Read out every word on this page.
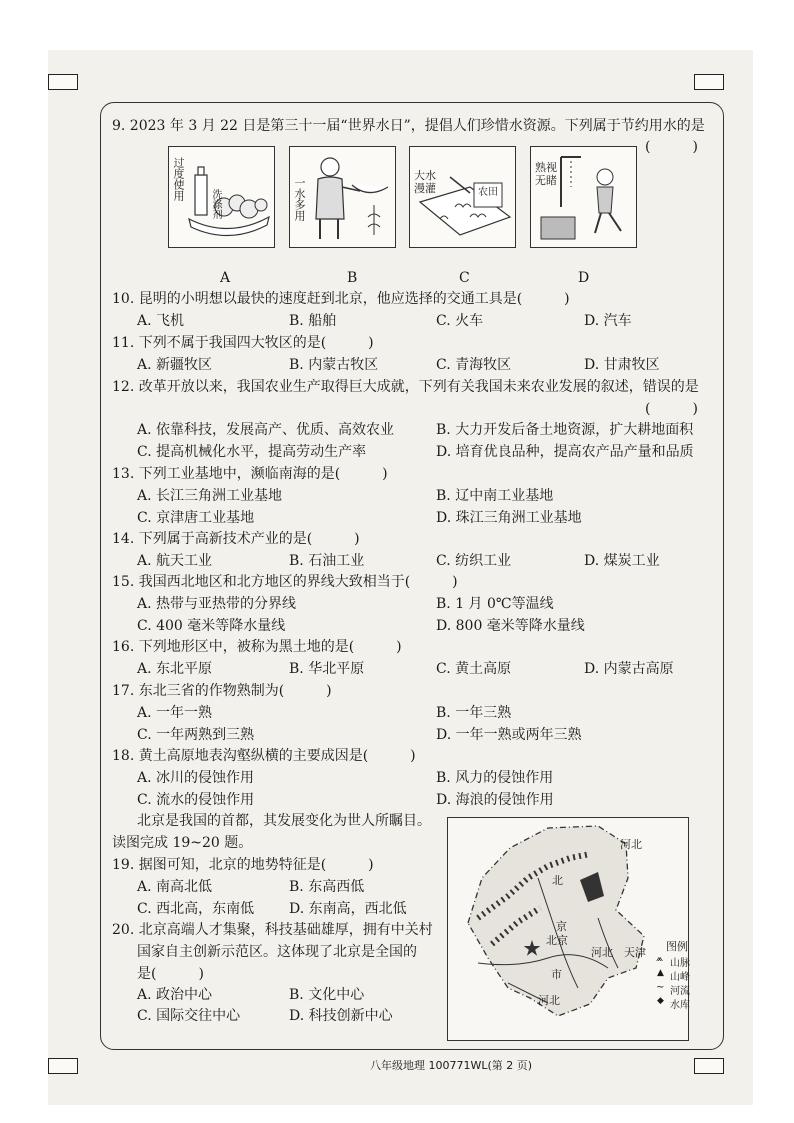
9. 2023 年 3 月 22 日是第三十一届“世界水日”，提倡人们珍惜水资源。下列属于节约用水的是
(　　　)
过度使用
洗涤剂	一水多用
大水漫灌	农田
熟视无睹
A	B	C	D
10. 昆明的小明想以最快的速度赶到北京，他应选择的交通工具是(　　　)
A. 飞机	B. 船舶	C. 火车	D. 汽车
11. 下列不属于我国四大牧区的是(　　　)
A. 新疆牧区	B. 内蒙古牧区	C. 青海牧区	D. 甘肃牧区
12. 改革开放以来，我国农业生产取得巨大成就，下列有关我国未来农业发展的叙述，错误的是
(　　　)
A. 依靠科技，发展高产、优质、高效农业	B. 大力开发后备土地资源，扩大耕地面积
C. 提高机械化水平，提高劳动生产率	D. 培育优良品种，提高农产品产量和品质
13. 下列工业基地中，濒临南海的是(　　　)
A. 长江三角洲工业基地	B. 辽中南工业基地
C. 京津唐工业基地	D. 珠江三角洲工业基地
14. 下列属于高新技术产业的是(　　　)
A. 航天工业	B. 石油工业	C. 纺织工业	D. 煤炭工业
15. 我国西北地区和北方地区的界线大致相当于(　　　)
A. 热带与亚热带的分界线	B. 1 月 0℃等温线
C. 400 毫米等降水量线	D. 800 毫米等降水量线
16. 下列地形区中，被称为黑土地的是(　　　)
A. 东北平原	B. 华北平原	C. 黄土高原	D. 内蒙古高原
17. 东北三省的作物熟制为(　　　)
A. 一年一熟	B. 一年三熟
C. 一年两熟到三熟	D. 一年一熟或两年三熟
18. 黄土高原地表沟壑纵横的主要成因是(　　　)
A. 冰川的侵蚀作用	B. 风力的侵蚀作用
C. 流水的侵蚀作用	D. 海浪的侵蚀作用
北京是我国的首都，其发展变化为世人所瞩目。
读图完成 19~20 题。
19. 据图可知，北京的地势特征是(　　　)
A. 南高北低	B. 东高西低
C. 西北高，东南低 D. 东南高，西北低
20. 北京高端人才集聚，科技基础雄厚，拥有中关村
国家自主创新示范区。这体现了北京是全国的
是(　　　)
A. 政治中心	B. 文化中心
C. 国际交往中心	D. 科技创新中心
河北
北
京
北京
河北 天津
市
河北
图例
⩕ 山脉
▲ 山峰
∼ 河流
◆ 水库
八年级地理 100771WL(第 2 页)
